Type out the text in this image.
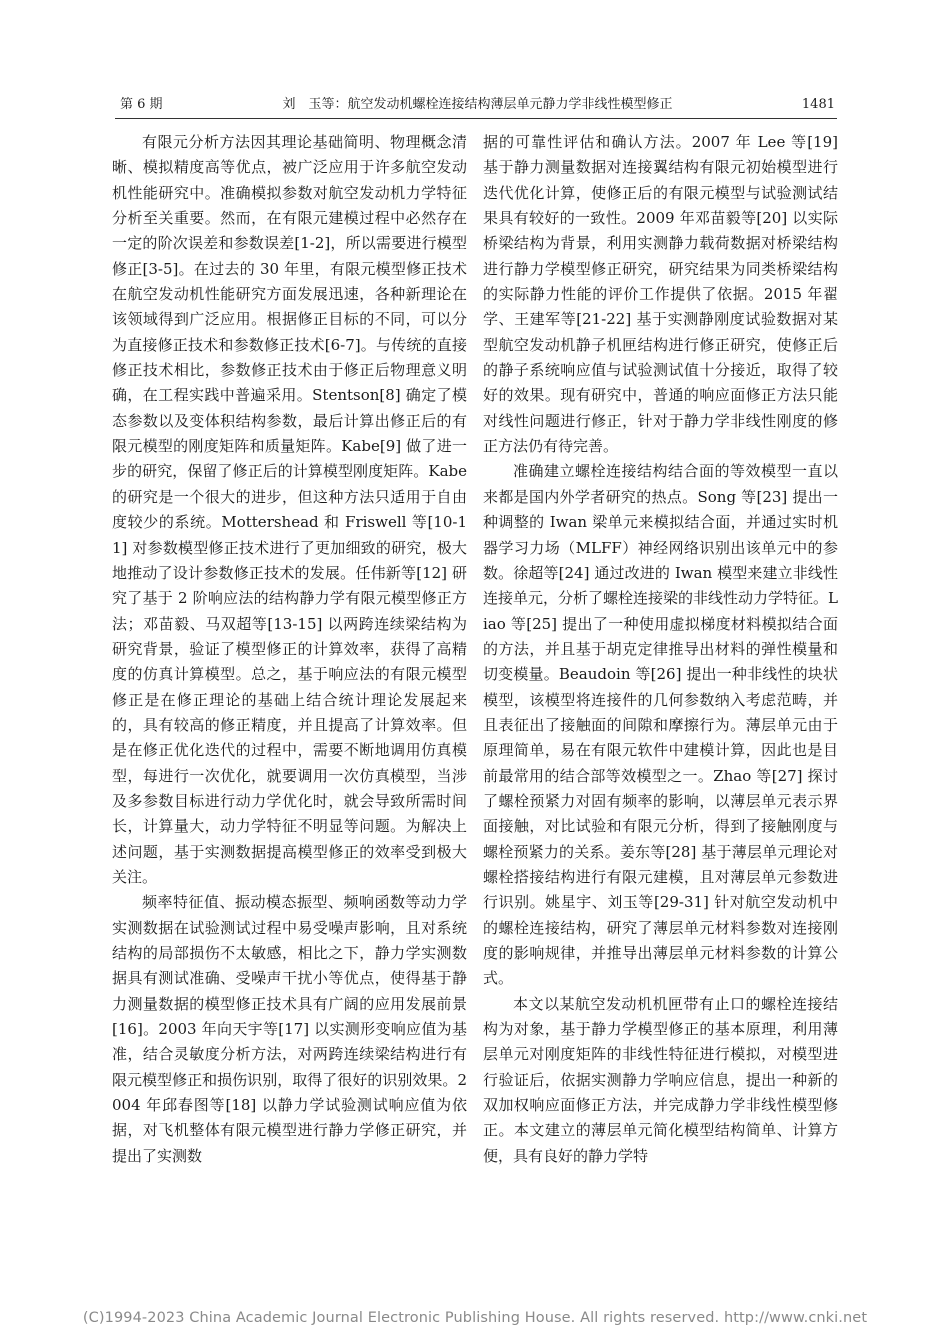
第 6 期	刘　玉等：航空发动机螺栓连接结构薄层单元静力学非线性模型修正	1481

有限元分析方法因其理论基础简明、物理概念清晰、模拟精度高等优点，被广泛应用于许多航空发动机性能研究中。准确模拟参数对航空发动机力学特征分析至关重要。然而，在有限元建模过程中必然存在一定的阶次误差和参数误差[1-2]，所以需要进行模型修正[3-5]。在过去的 30 年里，有限元模型修正技术在航空发动机性能研究方面发展迅速，各种新理论在该领域得到广泛应用。根据修正目标的不同，可以分为直接修正技术和参数修正技术[6-7]。与传统的直接修正技术相比，参数修正技术由于修正后物理意义明确，在工程实践中普遍采用。Stentson[8] 确定了模态参数以及变体积结构参数，最后计算出修正后的有限元模型的刚度矩阵和质量矩阵。Kabe[9] 做了进一步的研究，保留了修正后的计算模型刚度矩阵。Kabe 的研究是一个很大的进步，但这种方法只适用于自由度较少的系统。Mottershead 和 Friswell 等[10-11] 对参数模型修正技术进行了更加细致的研究，极大地推动了设计参数修正技术的发展。任伟新等[12] 研究了基于 2 阶响应法的结构静力学有限元模型修正方法；邓苗毅、马双超等[13-15] 以两跨连续梁结构为研究背景，验证了模型修正的计算效率，获得了高精度的仿真计算模型。总之，基于响应法的有限元模型修正是在修正理论的基础上结合统计理论发展起来的，具有较高的修正精度，并且提高了计算效率。但是在修正优化迭代的过程中，需要不断地调用仿真模型，每进行一次优化，就要调用一次仿真模型，当涉及多参数目标进行动力学优化时，就会导致所需时间长，计算量大，动力学特征不明显等问题。为解决上述问题，基于实测数据提高模型修正的效率受到极大关注。

频率特征值、振动模态振型、频响函数等动力学实测数据在试验测试过程中易受噪声影响，且对系统结构的局部损伤不太敏感，相比之下，静力学实测数据具有测试准确、受噪声干扰小等优点，使得基于静力测量数据的模型修正技术具有广阔的应用发展前景[16]。2003 年向天宇等[17] 以实测形变响应值为基准，结合灵敏度分析方法，对两跨连续梁结构进行有限元模型修正和损伤识别，取得了很好的识别效果。2004 年邱春图等[18] 以静力学试验测试响应值为依据，对飞机整体有限元模型进行静力学修正研究，并提出了实测数

据的可靠性评估和确认方法。2007 年 Lee 等[19] 基于静力测量数据对连接翼结构有限元初始模型进行迭代优化计算，使修正后的有限元模型与试验测试结果具有较好的一致性。2009 年邓苗毅等[20] 以实际桥梁结构为背景，利用实测静力载荷数据对桥梁结构进行静力学模型修正研究，研究结果为同类桥梁结构的实际静力性能的评价工作提供了依据。2015 年翟学、王建军等[21-22] 基于实测静刚度试验数据对某型航空发动机静子机匣结构进行修正研究，使修正后的静子系统响应值与试验测试值十分接近，取得了较好的效果。现有研究中，普通的响应面修正方法只能对线性问题进行修正，针对于静力学非线性刚度的修正方法仍有待完善。

准确建立螺栓连接结构结合面的等效模型一直以来都是国内外学者研究的热点。Song 等[23] 提出一种调整的 Iwan 梁单元来模拟结合面，并通过实时机器学习力场（MLFF）神经网络识别出该单元中的参数。徐超等[24] 通过改进的 Iwan 模型来建立非线性连接单元，分析了螺栓连接梁的非线性动力学特征。Liao 等[25] 提出了一种使用虚拟梯度材料模拟结合面的方法，并且基于胡克定律推导出材料的弹性模量和切变模量。Beaudoin 等[26] 提出一种非线性的块状模型，该模型将连接件的几何参数纳入考虑范畴，并且表征出了接触面的间隙和摩擦行为。薄层单元由于原理简单，易在有限元软件中建模计算，因此也是目前最常用的结合部等效模型之一。Zhao 等[27] 探讨了螺栓预紧力对固有频率的影响，以薄层单元表示界面接触，对比试验和有限元分析，得到了接触刚度与螺栓预紧力的关系。姜东等[28] 基于薄层单元理论对螺栓搭接结构进行有限元建模，且对薄层单元参数进行识别。姚星宇、刘玉等[29-31] 针对航空发动机中的螺栓连接结构，研究了薄层单元材料参数对连接刚度的影响规律，并推导出薄层单元材料参数的计算公式。

本文以某航空发动机机匣带有止口的螺栓连接结构为对象，基于静力学模型修正的基本原理，利用薄层单元对刚度矩阵的非线性特征进行模拟，对模型进行验证后，依据实测静力学响应信息，提出一种新的双加权响应面修正方法，并完成静力学非线性模型修正。本文建立的薄层单元简化模型结构简单、计算方便，具有良好的静力学特

(C)1994-2023 China Academic Journal Electronic Publishing House. All rights reserved. http://www.cnki.net
